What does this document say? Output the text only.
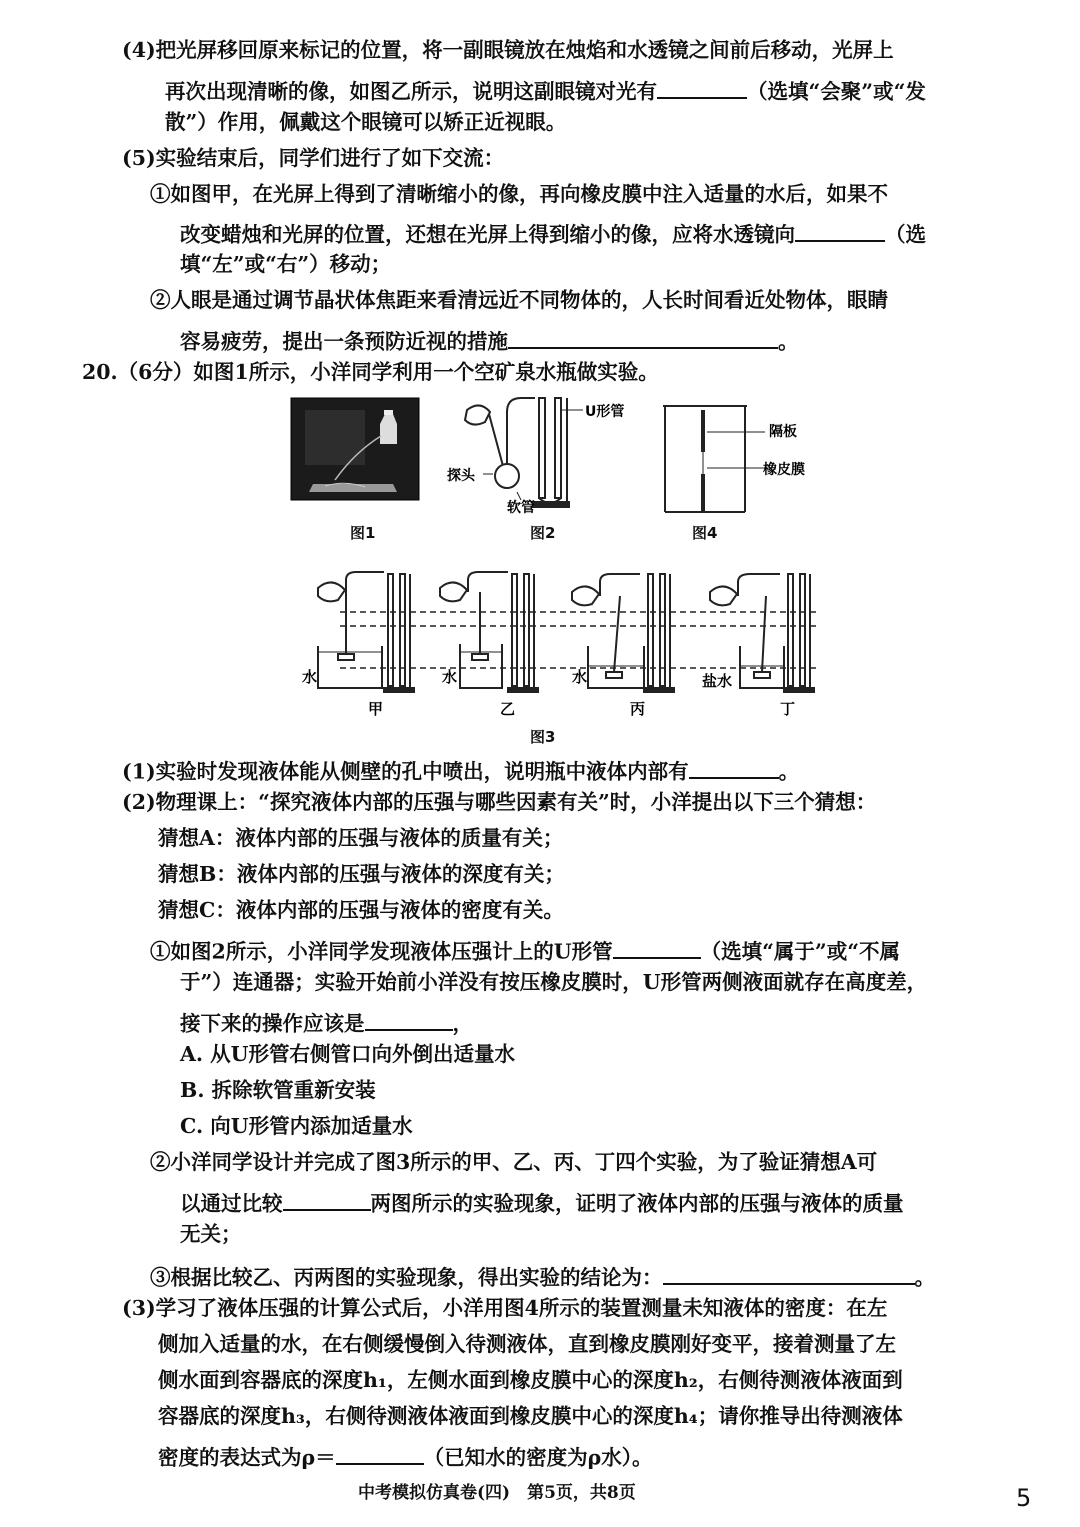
(4)把光屏移回原来标记的位置，将一副眼镜放在烛焰和水透镜之间前后移动，光屏上
再次出现清晰的像，如图乙所示，说明这副眼镜对光有	（选填“会聚”或“发
散”）作用，佩戴这个眼镜可以矫正近视眼。
(5)实验结束后，同学们进行了如下交流：
①如图甲，在光屏上得到了清晰缩小的像，再向橡皮膜中注入适量的水后，如果不
改变蜡烛和光屏的位置，还想在光屏上得到缩小的像，应将水透镜向	（选
填“左”或“右”）移动；
②人眼是通过调节晶状体焦距来看清远近不同物体的，人长时间看近处物体，眼睛
容易疲劳，提出一条预防近视的措施	。
20.（6分）如图1所示，小洋同学利用一个空矿泉水瓶做实验。
U形管
探头
软管
隔板
橡皮膜
图1	图2	图4
水	水	水	盐水
甲	乙	丙	丁
图3
(1)实验时发现液体能从侧壁的孔中喷出，说明瓶中液体内部有	。
(2)物理课上：“探究液体内部的压强与哪些因素有关”时，小洋提出以下三个猜想：
猜想A：液体内部的压强与液体的质量有关；
猜想B：液体内部的压强与液体的深度有关；
猜想C：液体内部的压强与液体的密度有关。
①如图2所示，小洋同学发现液体压强计上的U形管	（选填“属于”或“不属
于”）连通器；实验开始前小洋没有按压橡皮膜时，U形管两侧液面就存在高度差，
接下来的操作应该是	，
A. 从U形管右侧管口向外倒出适量水
B. 拆除软管重新安装
C. 向U形管内添加适量水
②小洋同学设计并完成了图3所示的甲、乙、丙、丁四个实验，为了验证猜想A可
以通过比较	两图所示的实验现象，证明了液体内部的压强与液体的质量
无关；
③根据比较乙、丙两图的实验现象，得出实验的结论为：	。
(3)学习了液体压强的计算公式后，小洋用图4所示的装置测量未知液体的密度：在左
侧加入适量的水，在右侧缓慢倒入待测液体，直到橡皮膜刚好变平，接着测量了左
侧水面到容器底的深度h₁，左侧水面到橡皮膜中心的深度h₂，右侧待测液体液面到
容器底的深度h₃，右侧待测液体液面到橡皮膜中心的深度h₄；请你推导出待测液体
密度的表达式为ρ＝	（已知水的密度为ρ水）。
中考模拟仿真卷(四)　第5页，共8页	5
